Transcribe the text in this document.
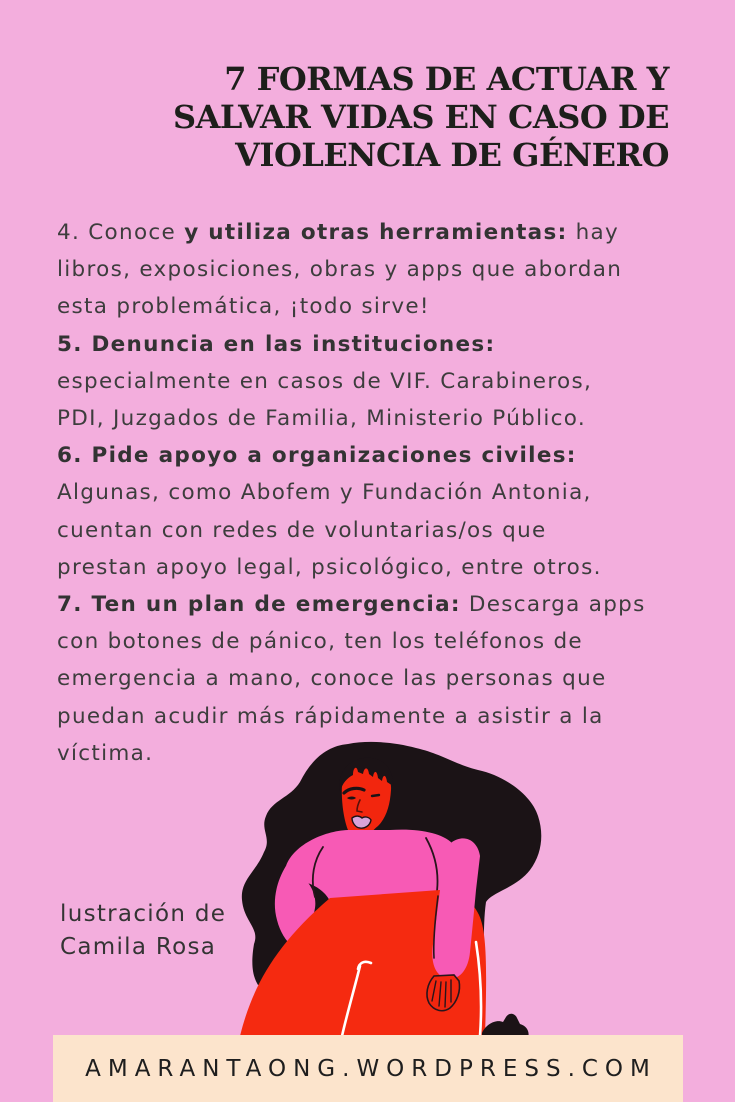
7 FORMAS DE ACTUAR Y
SALVAR VIDAS EN CASO DE
VIOLENCIA DE GÉNERO
4. Conoce y utiliza otras herramientas: hay
libros, exposiciones, obras y apps que abordan
esta problemática, ¡todo sirve!
5. Denuncia en las instituciones:
especialmente en casos de VIF. Carabineros,
PDI, Juzgados de Familia, Ministerio Público.
6. Pide apoyo a organizaciones civiles:
Algunas, como Abofem y Fundación Antonia,
cuentan con redes de voluntarias/os que
prestan apoyo legal, psicológico, entre otros.
7. Ten un plan de emergencia: Descarga apps
con botones de pánico, ten los teléfonos de
emergencia a mano, conoce las personas que
puedan acudir más rápidamente a asistir a la
víctima.
lustración de
Camila Rosa
AMARANTAONG.WORDPRESS.COM
